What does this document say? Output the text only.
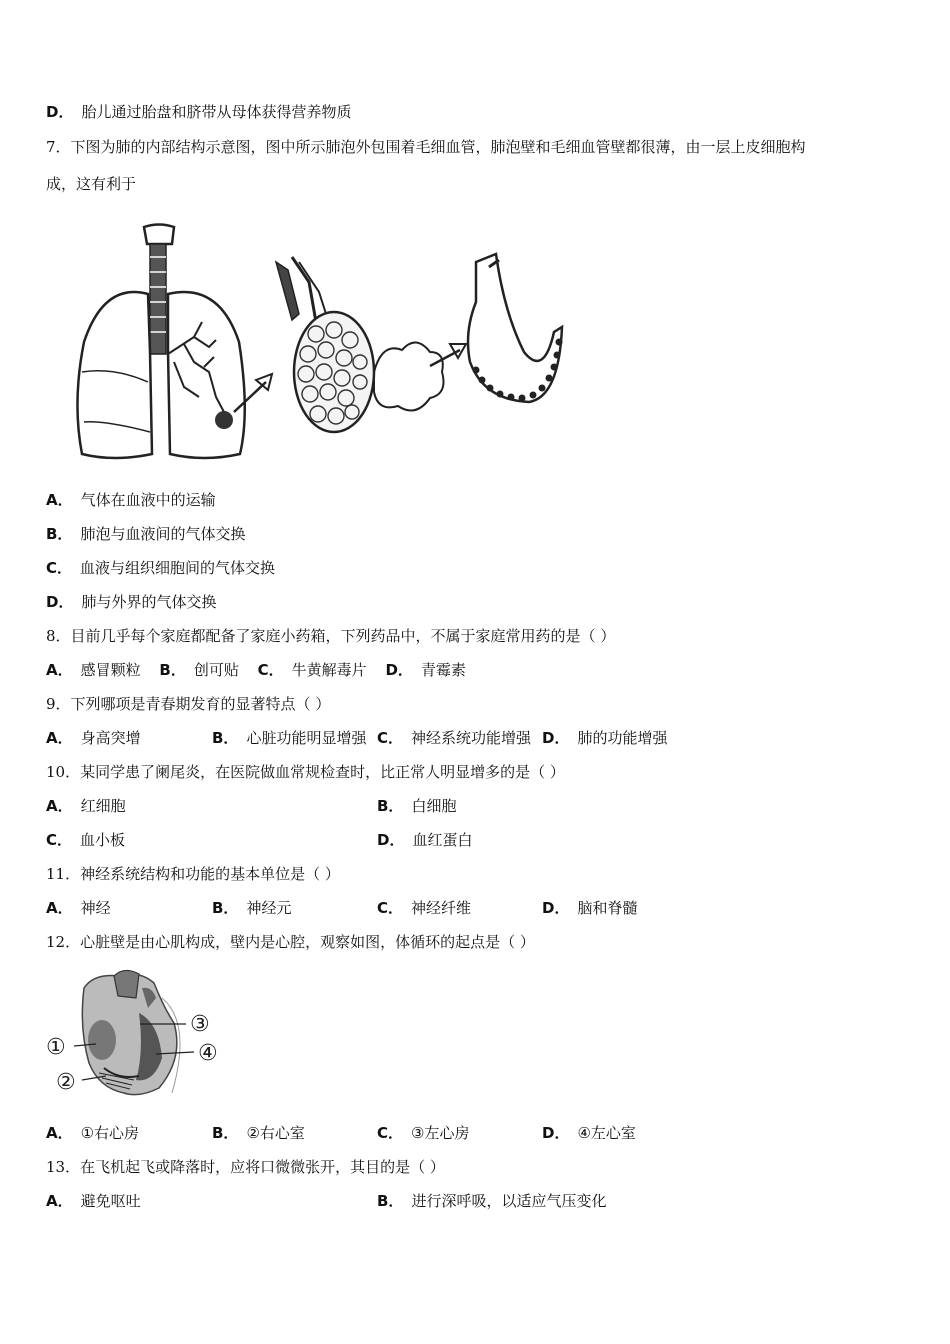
D． 胎儿通过胎盘和脐带从母体获得营养物质
7．下图为肺的内部结构示意图，图中所示肺泡外包围着毛细血管，肺泡壁和毛细血管壁都很薄，由一层上皮细胞构
成，这有利于
A． 气体在血液中的运输
B． 肺泡与血液间的气体交换
C． 血液与组织细胞间的气体交换
D． 肺与外界的气体交换
8．目前几乎每个家庭都配备了家庭小药箱，下列药品中，不属于家庭常用药的是（ ）
A． 感冒颗粒 B． 创可贴 C． 牛黄解毒片 D． 青霉素
9．下列哪项是青春期发育的显著特点（ ）
A． 身高突增	B． 心脏功能明显增强 C． 神经系统功能增强 D． 肺的功能增强
10．某同学患了阑尾炎，在医院做血常规检查时，比正常人明显增多的是（ ）
A． 红细胞	B． 白细胞
C． 血小板	D． 血红蛋白
11．神经系统结构和功能的基本单位是（ ）
A． 神经	B． 神经元	C． 神经纤维	D． 脑和脊髓
12．心脏壁是由心肌构成，壁内是心腔，观察如图，体循环的起点是（ ）
①
②
③
④
A． ①右心房	B． ②右心室	C． ③左心房	D． ④左心室
13．在飞机起飞或降落时，应将口微微张开，其目的是（ ）
A． 避免呕吐	B． 进行深呼吸，以适应气压变化
